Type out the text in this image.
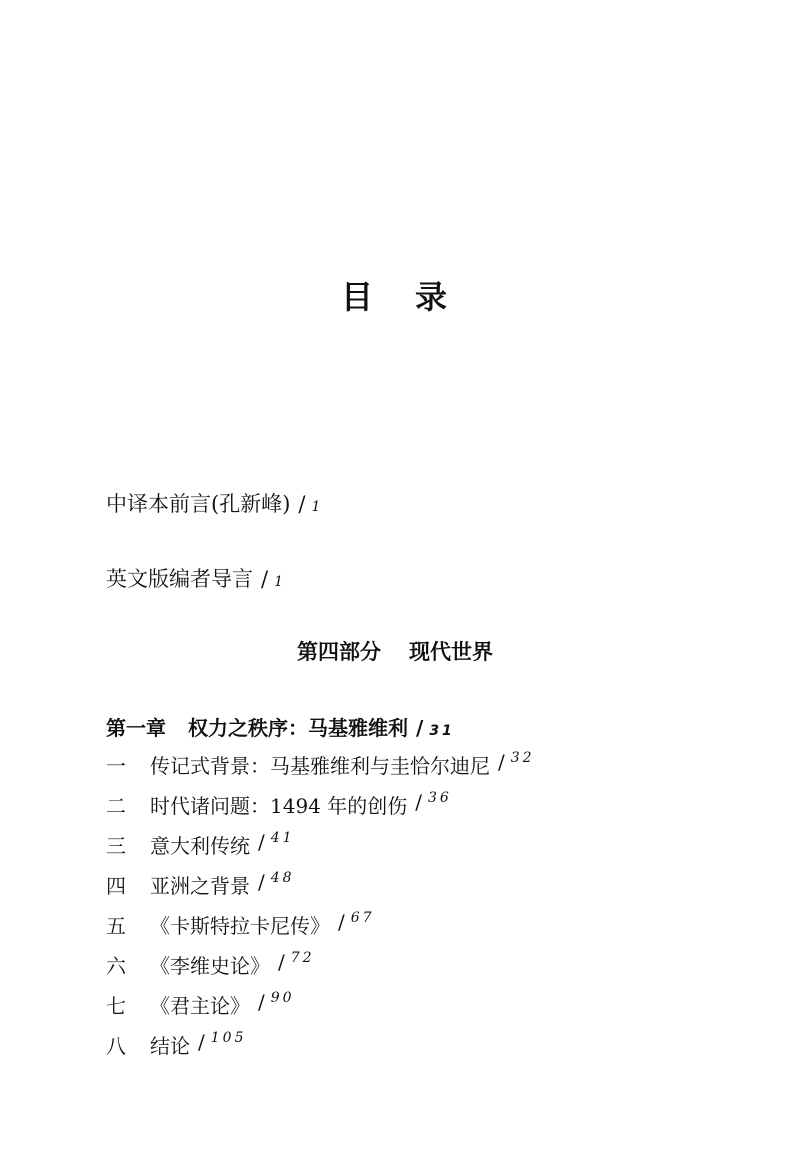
目 录
中译本前言(孔新峰) / 1
英文版编者导言 / 1
第四部分 现代世界
第一章 权力之秩序：马基雅维利 / 31
一	传记式背景：马基雅维利与圭恰尔迪尼 / 32
二	时代诸问题：1494 年的创伤 / 36
三	意大利传统 / 41
四	亚洲之背景 / 48
五	《卡斯特拉卡尼传》 / 67
六	《李维史论》 / 72
七	《君主论》 / 90
八	结论 / 105
